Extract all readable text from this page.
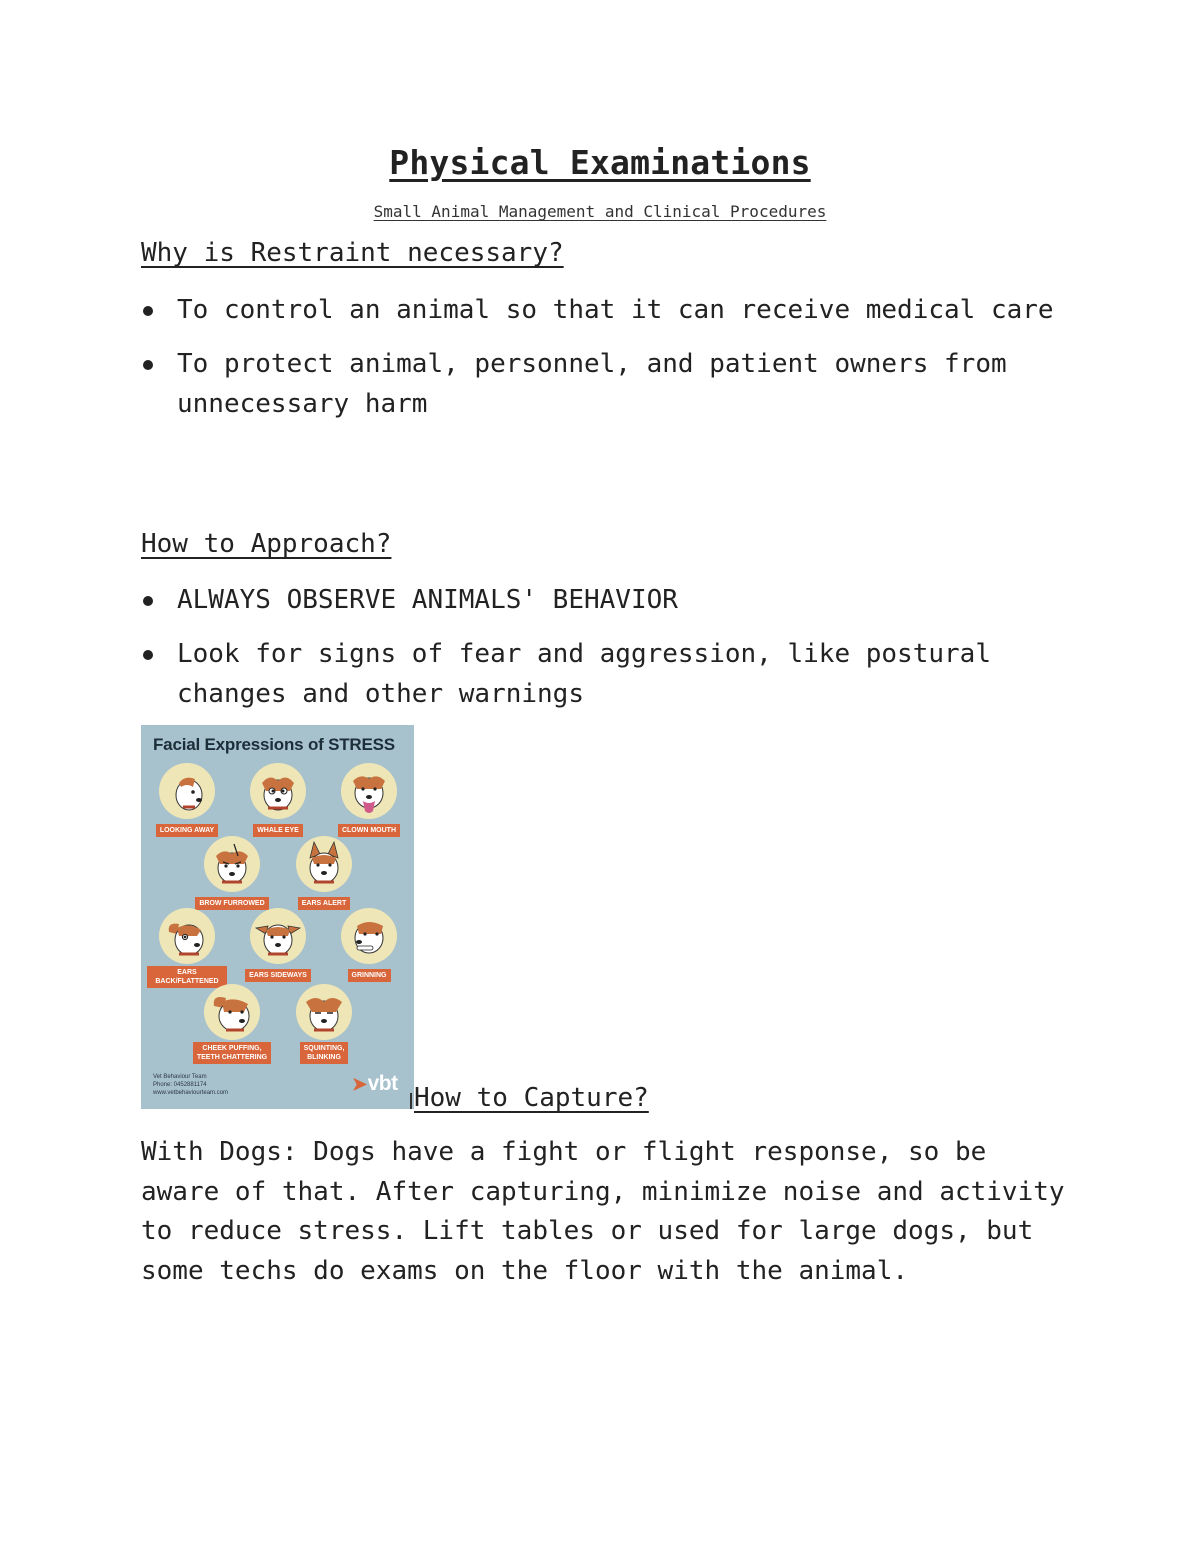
Physical Examinations
Small Animal Management and Clinical Procedures
Why is Restraint necessary?
To control an animal so that it can receive medical care
To protect animal, personnel, and patient owners from unnecessary harm
How to Approach?
ALWAYS OBSERVE ANIMALS' BEHAVIOR
Look for signs of fear and aggression, like postural changes and other warnings
Facial Expressions of STRESS
LOOKING AWAY	WHALE EYE	CLOWN MOUTH
BROW FURROWED	EARS ALERT
EARS BACK/FLATTENED
EARS SIDEWAYS	GRINNING
CHEEK PUFFING,
TEETH CHATTERING
SQUINTING,
BLINKING
Vet Behaviour Team
Phone: 0452881174
www.vetbehaviourteam.com	➤vbt How to Capture?

With Dogs: Dogs have a fight or flight response, so be aware of that. After capturing, minimize noise and activity to reduce stress. Lift tables or used for large dogs, but some techs do exams on the floor with the animal.
